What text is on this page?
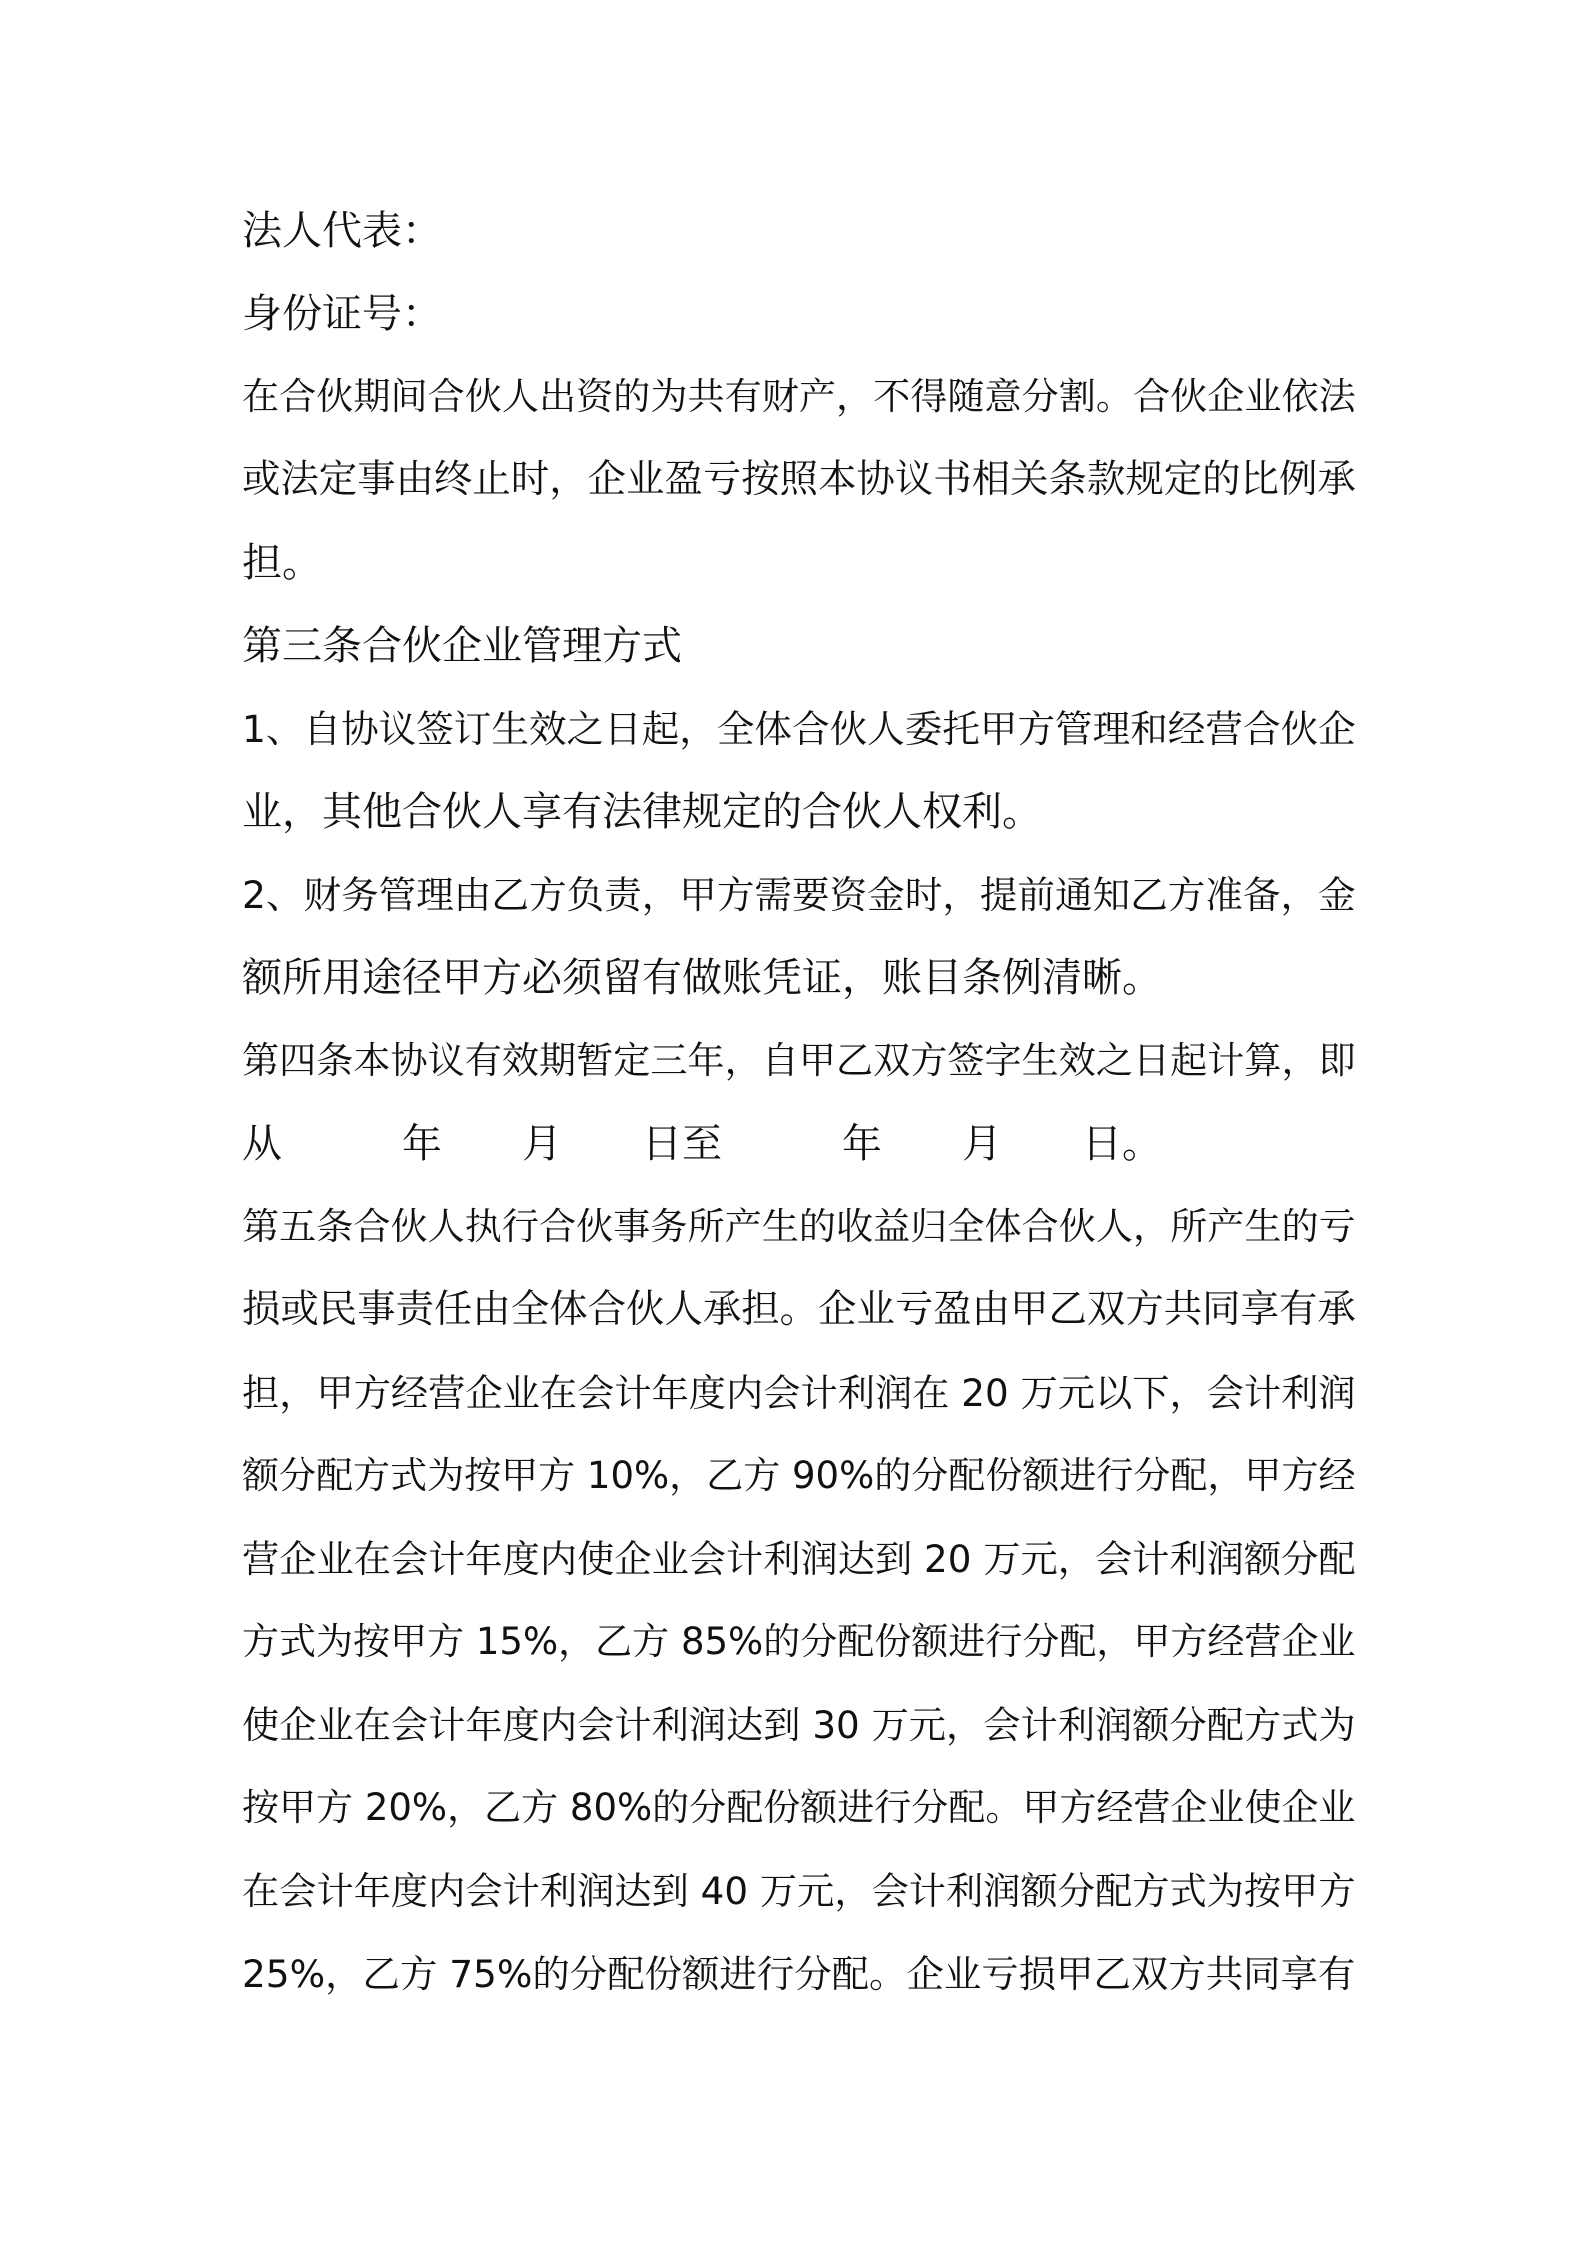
法人代表：
身份证号：
在合伙期间合伙人出资的为共有财产，不得随意分割。合伙企业依法
或法定事由终止时，企业盈亏按照本协议书相关条款规定的比例承
担。
第三条合伙企业管理方式
1、自协议签订生效之日起，全体合伙人委托甲方管理和经营合伙企
业，其他合伙人享有法律规定的合伙人权利。
2、财务管理由乙方负责，甲方需要资金时，提前通知乙方准备，金
额所用途径甲方必须留有做账凭证，账目条例清晰。
第四条本协议有效期暂定三年，自甲乙双方签字生效之日起计算，即
从　　　年　　月　　日至　　　年　　月　　日。
第五条合伙人执行合伙事务所产生的收益归全体合伙人，所产生的亏
损或民事责任由全体合伙人承担。企业亏盈由甲乙双方共同享有承
担，甲方经营企业在会计年度内会计利润在 20 万元以下，会计利润
额分配方式为按甲方 10%，乙方 90%的分配份额进行分配，甲方经
营企业在会计年度内使企业会计利润达到 20 万元，会计利润额分配
方式为按甲方 15%，乙方 85%的分配份额进行分配，甲方经营企业
使企业在会计年度内会计利润达到 30 万元，会计利润额分配方式为
按甲方 20%，乙方 80%的分配份额进行分配。甲方经营企业使企业
在会计年度内会计利润达到 40 万元，会计利润额分配方式为按甲方
25%，乙方 75%的分配份额进行分配。企业亏损甲乙双方共同享有
